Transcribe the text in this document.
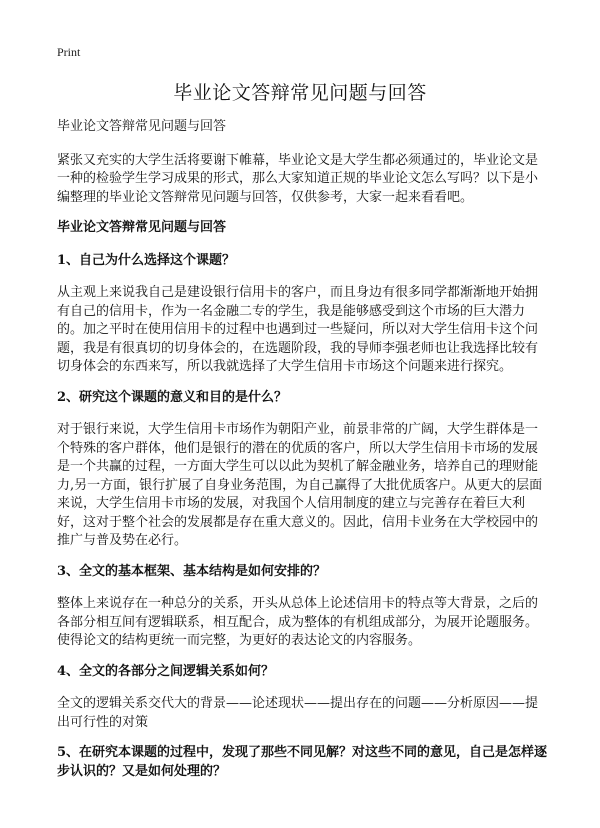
Print
毕业论文答辩常见问题与回答

毕业论文答辩常见问题与回答

紧张又充实的大学生活将要谢下帷幕，毕业论文是大学生都必须通过的，毕业论文是一种的检验学生学习成果的形式，那么大家知道正规的毕业论文怎么写吗？以下是小编整理的毕业论文答辩常见问题与回答，仅供参考，大家一起来看看吧。

毕业论文答辩常见问题与回答
1、自己为什么选择这个课题？

从主观上来说我自己是建设银行信用卡的客户，而且身边有很多同学都渐渐地开始拥有自己的信用卡，作为一名金融二专的学生，我是能够感受到这个市场的巨大潜力的。加之平时在使用信用卡的过程中也遇到过一些疑问，所以对大学生信用卡这个问题，我是有很真切的切身体会的，在选题阶段，我的导师李强老师也让我选择比较有切身体会的东西来写，所以我就选择了大学生信用卡市场这个问题来进行探究。

2、研究这个课题的意义和目的是什么？

对于银行来说，大学生信用卡市场作为朝阳产业，前景非常的广阔，大学生群体是一个特殊的客户群体，他们是银行的潜在的优质的客户，所以大学生信用卡市场的发展是一个共赢的过程，一方面大学生可以以此为契机了解金融业务，培养自己的理财能力,另一方面，银行扩展了自身业务范围，为自己赢得了大批优质客户。从更大的层面来说，大学生信用卡市场的发展，对我国个人信用制度的建立与完善存在着巨大利好，这对于整个社会的发展都是存在重大意义的。因此，信用卡业务在大学校园中的推广与普及势在必行。

3、全文的基本框架、基本结构是如何安排的？

整体上来说存在一种总分的关系，开头从总体上论述信用卡的特点等大背景，之后的各部分相互间有逻辑联系，相互配合，成为整体的有机组成部分，为展开论题服务。使得论文的结构更统一而完整，为更好的表达论文的内容服务。

4、全文的各部分之间逻辑关系如何？

全文的逻辑关系交代大的背景——论述现状——提出存在的问题——分析原因——提出可行性的对策

5、在研究本课题的过程中，发现了那些不同见解？对这些不同的意见，自己是怎样逐步认识的？又是如何处理的？
